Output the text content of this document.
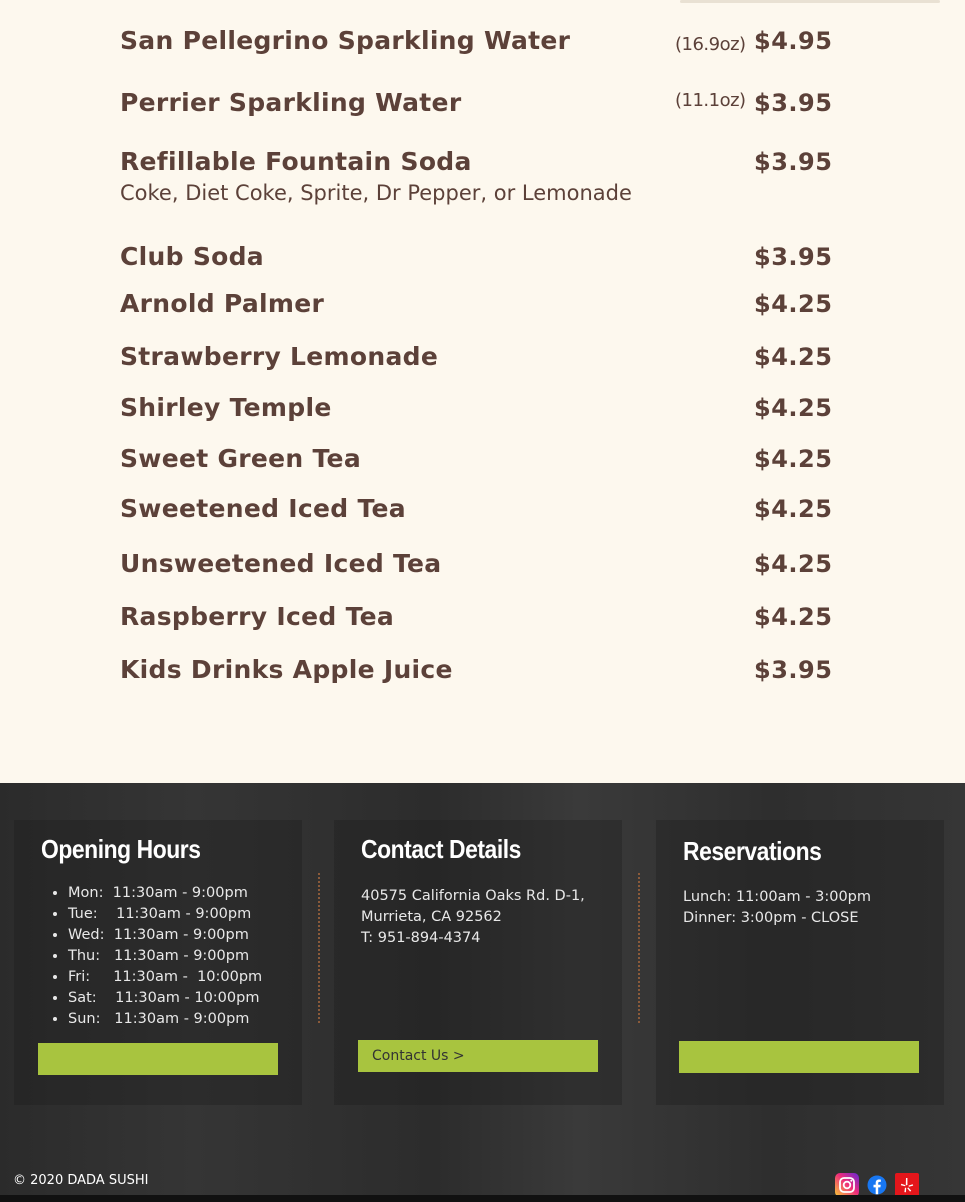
San Pellegrino Sparkling Water	(16.9oz) $4.95
Perrier Sparkling Water	(11.1oz) $3.95
Refillable Fountain Soda	$3.95
Coke, Diet Coke, Sprite, Dr Pepper, or Lemonade
Club Soda	$3.95
Arnold Palmer	$4.25
Strawberry Lemonade	$4.25
Shirley Temple	$4.25
Sweet Green Tea	$4.25
Sweetened Iced Tea	$4.25
Unsweetened Iced Tea	$4.25
Raspberry Iced Tea	$4.25
Kids Drinks Apple Juice	$3.95
Opening Hours
• Mon:  11:30am - 9:00pm
• Tue:    11:30am - 9:00pm
• Wed:  11:30am - 9:00pm
• Thu:   11:30am - 9:00pm
• Fri:     11:30am -  10:00pm
• Sat:    11:30am - 10:00pm
• Sun:   11:30am - 9:00pm
Contact Details
40575 California Oaks Rd. D-1,
Murrieta, CA 92562
T: 951-894-4374
Contact Us >
Reservations
Lunch: 11:00am - 3:00pm
Dinner: 3:00pm - CLOSE
© 2020 DADA SUSHI
